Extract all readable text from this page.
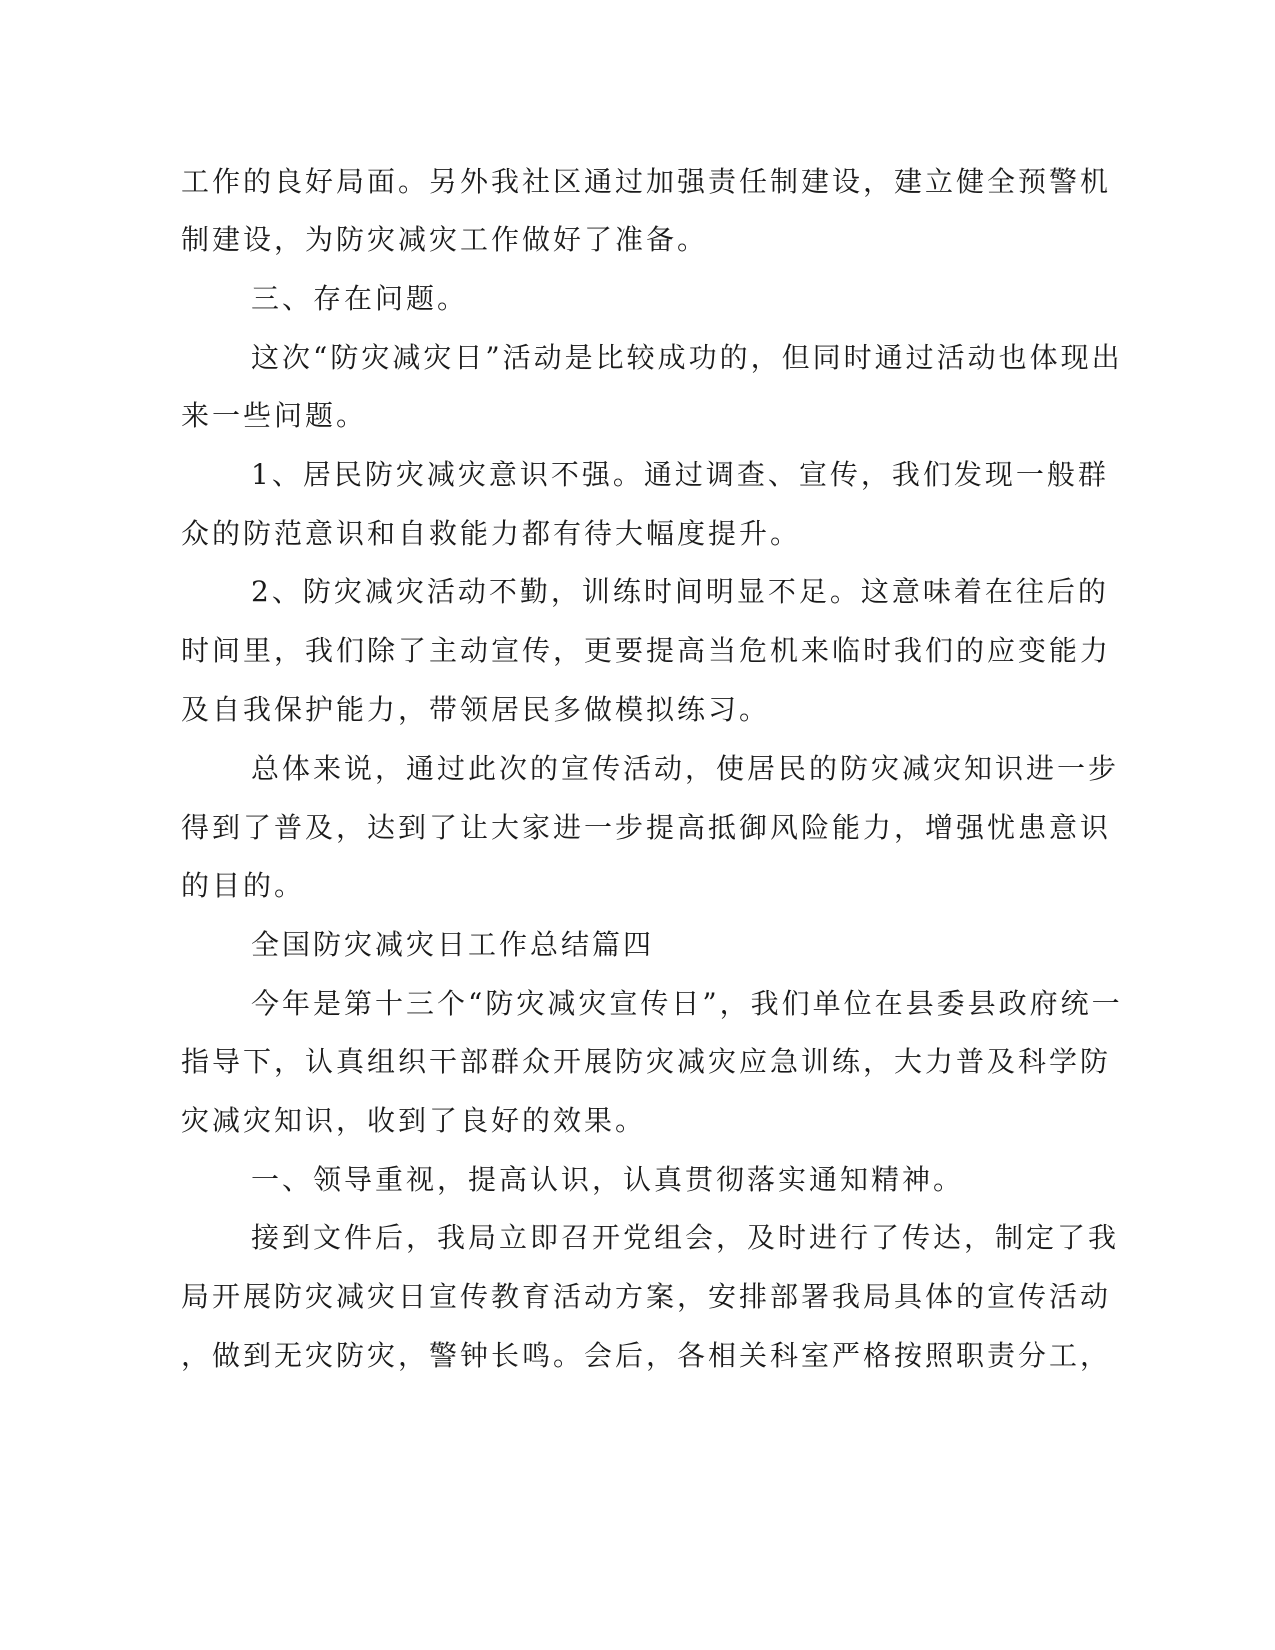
工作的良好局面。另外我社区通过加强责任制建设，建立健全预警机
制建设，为防灾减灾工作做好了准备。
三、存在问题。
这次“防灾减灾日”活动是比较成功的，但同时通过活动也体现出
来一些问题。
1、居民防灾减灾意识不强。通过调查、宣传，我们发现一般群
众的防范意识和自救能力都有待大幅度提升。
2、防灾减灾活动不勤，训练时间明显不足。这意味着在往后的
时间里，我们除了主动宣传，更要提高当危机来临时我们的应变能力
及自我保护能力，带领居民多做模拟练习。
总体来说，通过此次的宣传活动，使居民的防灾减灾知识进一步
得到了普及，达到了让大家进一步提高抵御风险能力，增强忧患意识
的目的。
全国防灾减灾日工作总结篇四
今年是第十三个“防灾减灾宣传日”，我们单位在县委县政府统一
指导下，认真组织干部群众开展防灾减灾应急训练，大力普及科学防
灾减灾知识，收到了良好的效果。
一、领导重视，提高认识，认真贯彻落实通知精神。
接到文件后，我局立即召开党组会，及时进行了传达，制定了我
局开展防灾减灾日宣传教育活动方案，安排部署我局具体的宣传活动
，做到无灾防灾，警钟长鸣。会后，各相关科室严格按照职责分工，
